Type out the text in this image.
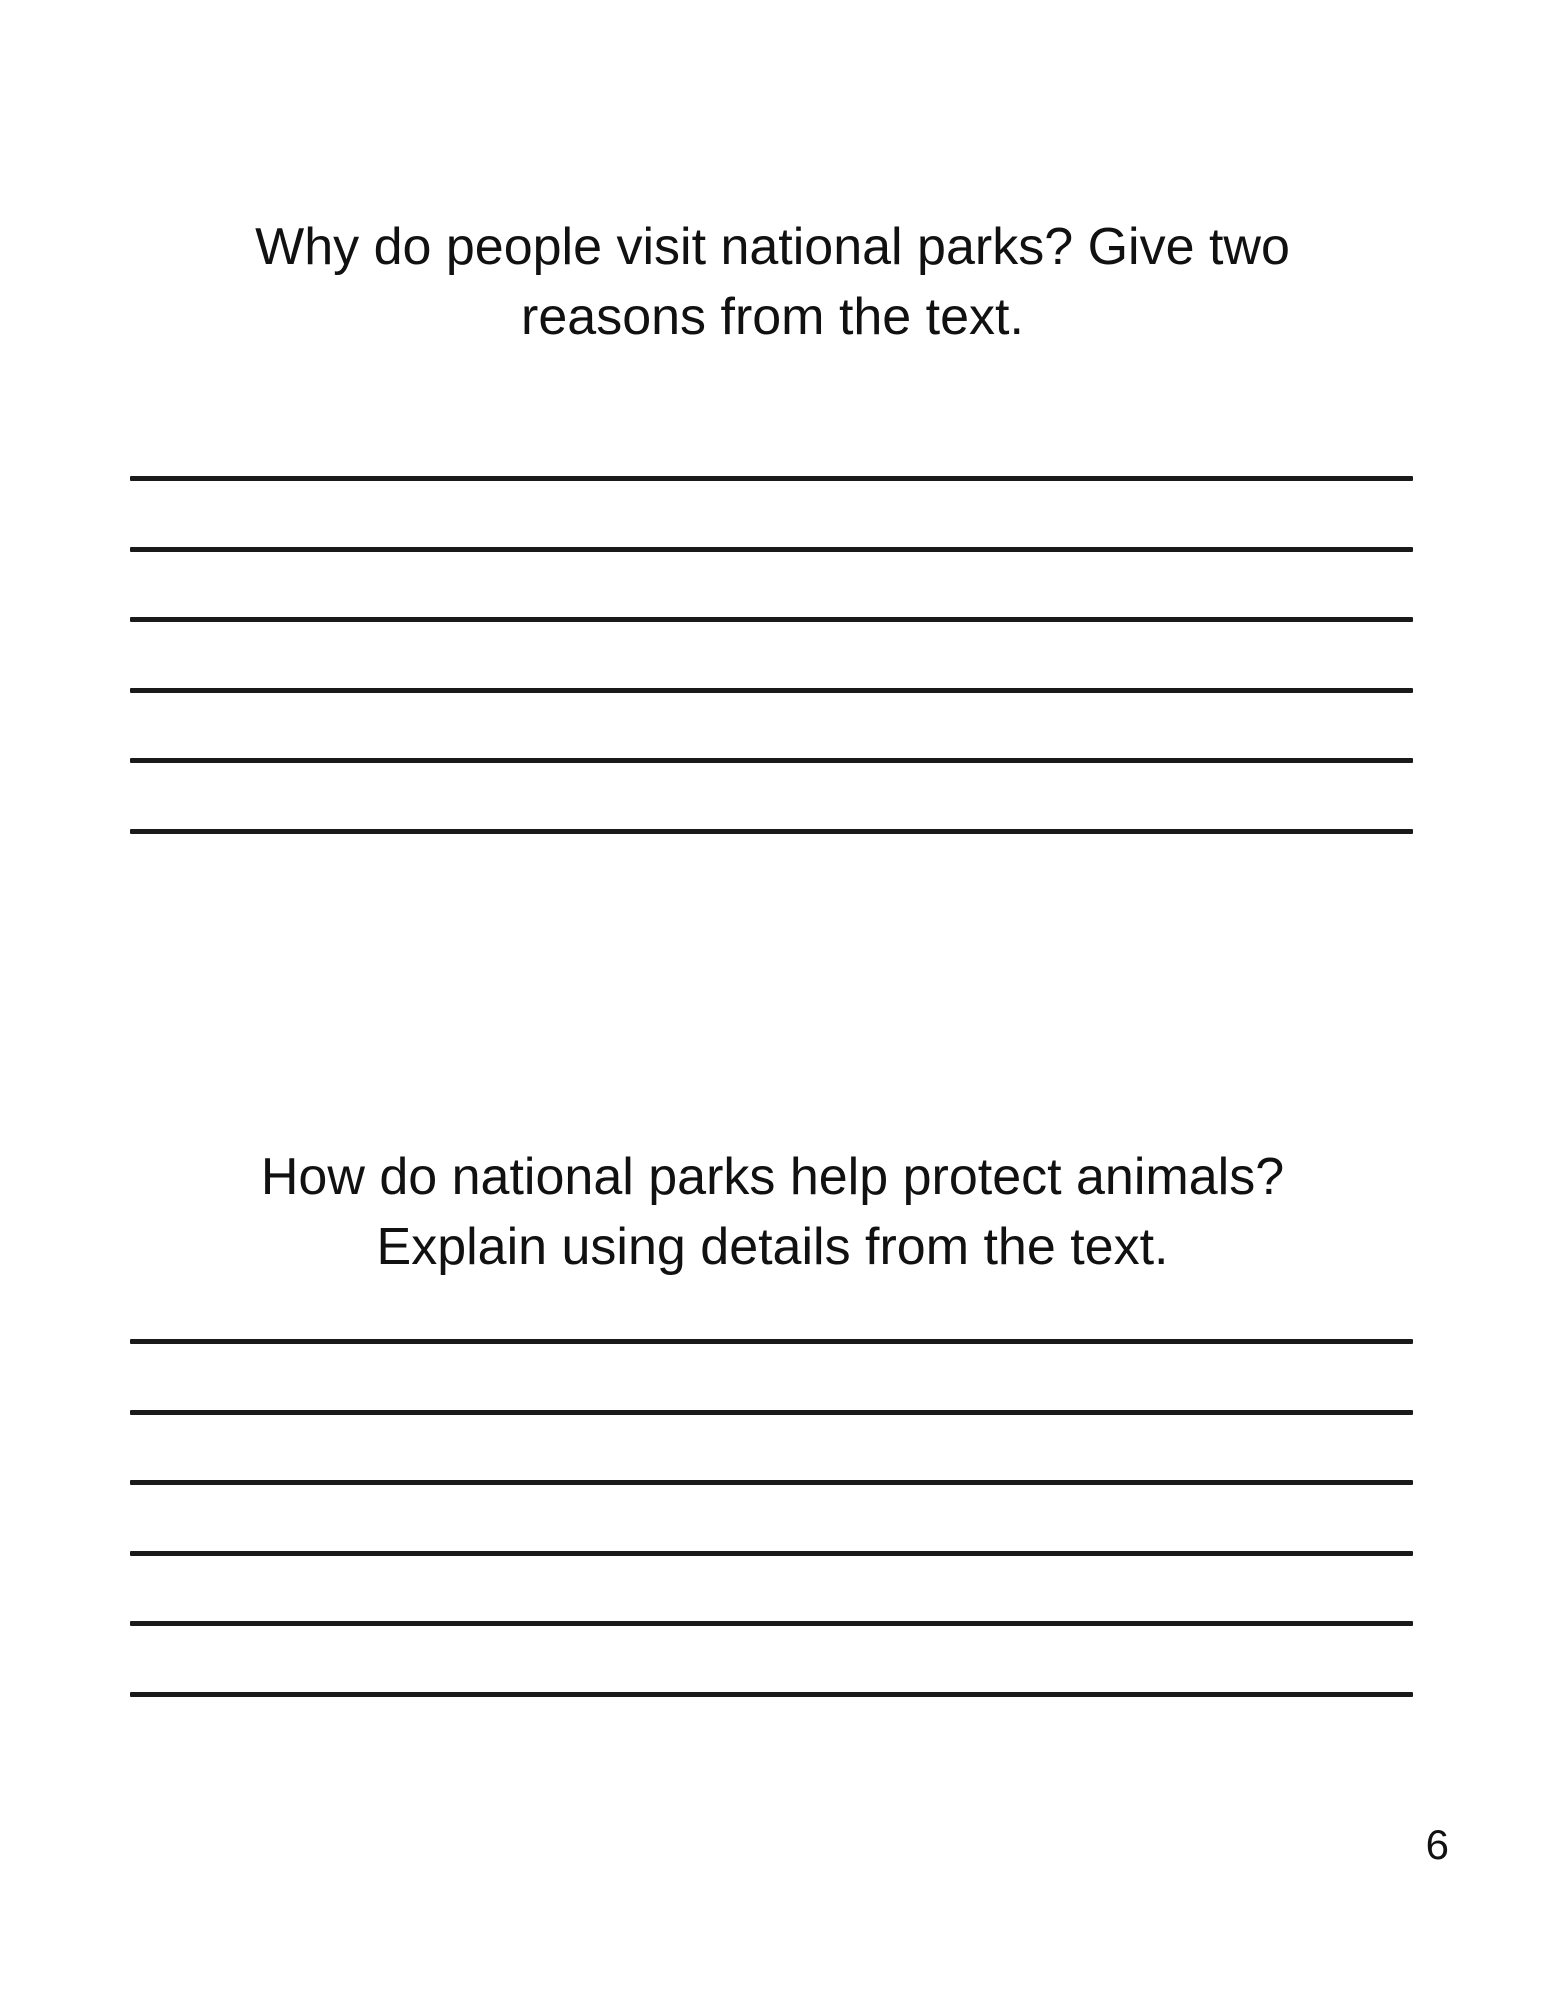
Why do people visit national parks? Give two
reasons from the text.
How do national parks help protect animals?
Explain using details from the text.
6
